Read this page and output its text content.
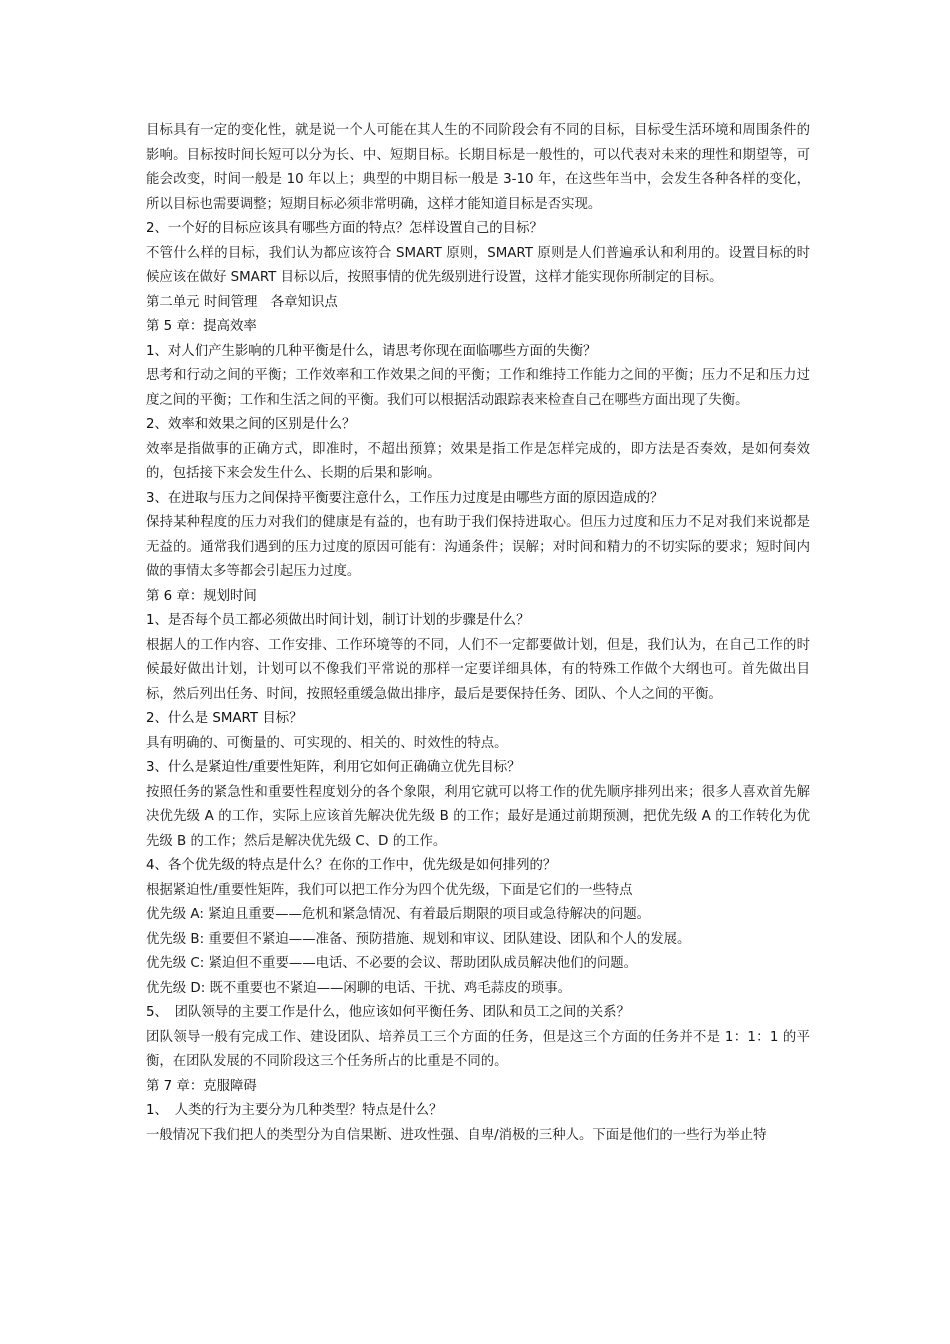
目标具有一定的变化性，就是说一个人可能在其人生的不同阶段会有不同的目标，目标受生活环境和周围条件的影响。目标按时间长短可以分为长、中、短期目标。长期目标是一般性的，可以代表对未来的理性和期望等，可能会改变，时间一般是 10 年以上；典型的中期目标一般是 3-10 年，在这些年当中，会发生各种各样的变化，所以目标也需要调整；短期目标必须非常明确，这样才能知道目标是否实现。

2、一个好的目标应该具有哪些方面的特点？怎样设置自己的目标？

不管什么样的目标，我们认为都应该符合 SMART 原则，SMART 原则是人们普遍承认和利用的。设置目标的时候应该在做好 SMART 目标以后，按照事情的优先级别进行设置，这样才能实现你所制定的目标。

第二单元 时间管理　各章知识点

第 5 章：提高效率

1、对人们产生影响的几种平衡是什么，请思考你现在面临哪些方面的失衡？

思考和行动之间的平衡；工作效率和工作效果之间的平衡；工作和维持工作能力之间的平衡；压力不足和压力过度之间的平衡；工作和生活之间的平衡。我们可以根据活动跟踪表来检查自己在哪些方面出现了失衡。

2、效率和效果之间的区别是什么？

效率是指做事的正确方式，即准时，不超出预算；效果是指工作是怎样完成的，即方法是否奏效，是如何奏效的，包括接下来会发生什么、长期的后果和影响。

3、在进取与压力之间保持平衡要注意什么，工作压力过度是由哪些方面的原因造成的？

保持某种程度的压力对我们的健康是有益的，也有助于我们保持进取心。但压力过度和压力不足对我们来说都是无益的。通常我们遇到的压力过度的原因可能有：沟通条件；误解；对时间和精力的不切实际的要求；短时间内做的事情太多等都会引起压力过度。

第 6 章：规划时间

1、是否每个员工都必须做出时间计划，制订计划的步骤是什么？

根据人的工作内容、工作安排、工作环境等的不同，人们不一定都要做计划，但是，我们认为，在自己工作的时候最好做出计划，计划可以不像我们平常说的那样一定要详细具体，有的特殊工作做个大纲也可。首先做出目标，然后列出任务、时间，按照轻重缓急做出排序，最后是要保持任务、团队、个人之间的平衡。

2、什么是 SMART 目标？

具有明确的、可衡量的、可实现的、相关的、时效性的特点。

3、什么是紧迫性/重要性矩阵，利用它如何正确确立优先目标？

按照任务的紧急性和重要性程度划分的各个象限，利用它就可以将工作的优先顺序排列出来；很多人喜欢首先解决优先级 A 的工作，实际上应该首先解决优先级 B 的工作；最好是通过前期预测，把优先级 A 的工作转化为优先级 B 的工作；然后是解决优先级 C、D 的工作。

4、各个优先级的特点是什么？在你的工作中，优先级是如何排列的？

根据紧迫性/重要性矩阵，我们可以把工作分为四个优先级，下面是它们的一些特点

优先级 A: 紧迫且重要——危机和紧急情况、有着最后期限的项目或急待解决的问题。

优先级 B: 重要但不紧迫——准备、预防措施、规划和审议、团队建设、团队和个人的发展。

优先级 C: 紧迫但不重要——电话、不必要的会议、帮助团队成员解决他们的问题。

优先级 D: 既不重要也不紧迫——闲聊的电话、干扰、鸡毛蒜皮的琐事。

5、　团队领导的主要工作是什么，他应该如何平衡任务、团队和员工之间的关系？

团队领导一般有完成工作、建设团队、培养员工三个方面的任务，但是这三个方面的任务并不是 1：1：1 的平衡，在团队发展的不同阶段这三个任务所占的比重是不同的。

第 7 章：克服障碍

1、　人类的行为主要分为几种类型？特点是什么？

一般情况下我们把人的类型分为自信果断、进攻性强、自卑/消极的三种人。下面是他们的一些行为举止特
